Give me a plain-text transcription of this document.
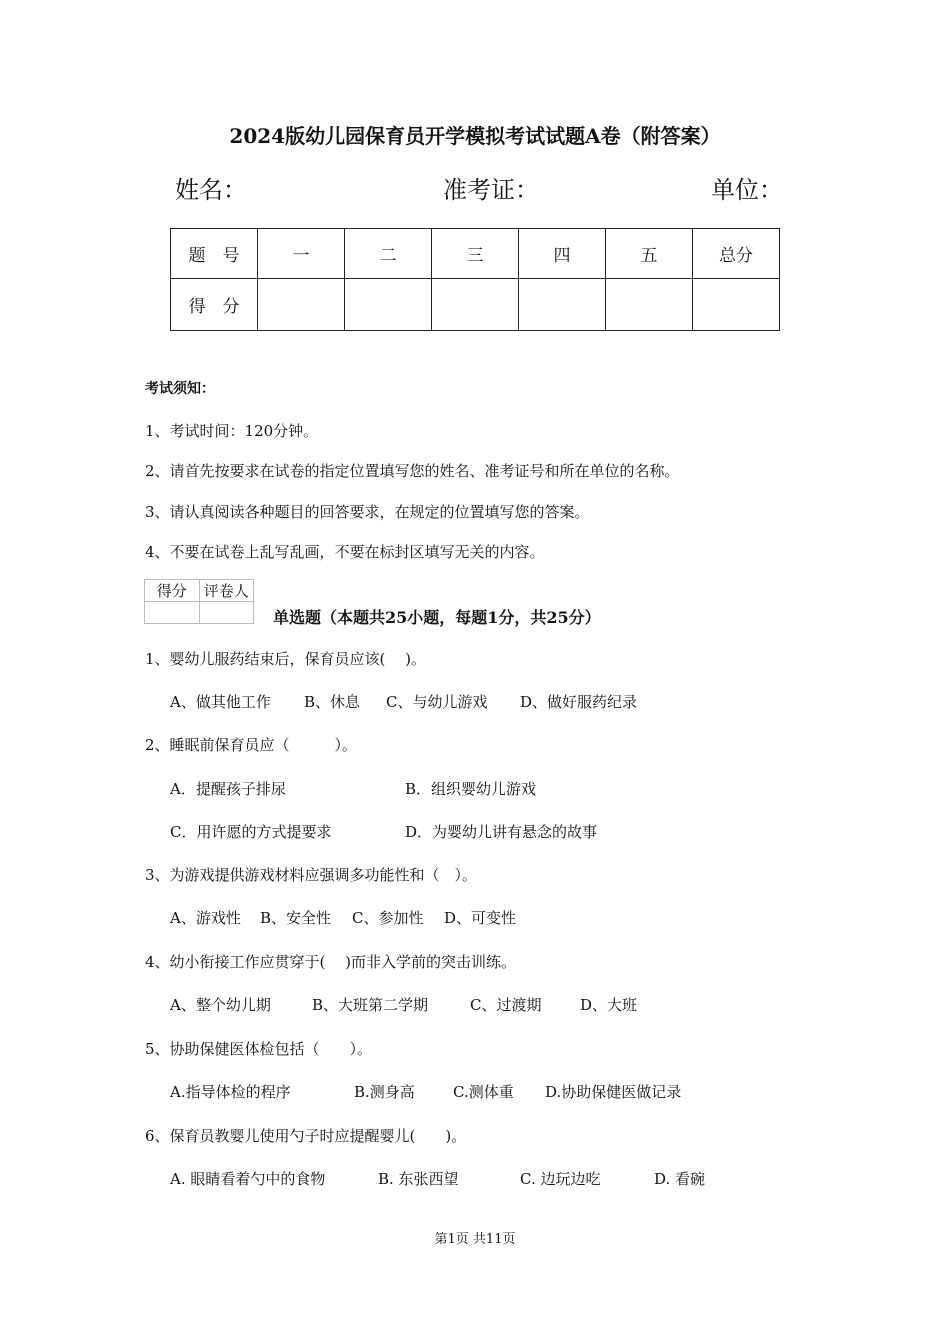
2024版幼儿园保育员开学模拟考试试题A卷（附答案）
姓名：	准考证：	单位：
题　号	一	二	三	四	五	总分
得　分						
考试须知：
1、考试时间：120分钟。
2、请首先按要求在试卷的指定位置填写您的姓名、准考证号和所在单位的名称。
3、请认真阅读各种题目的回答要求，在规定的位置填写您的答案。
4、不要在试卷上乱写乱画，不要在标封区填写无关的内容。
得分	评卷人

单选题（本题共25小题，每题1分，共25分）
1、婴幼儿服药结束后，保育员应该(　 )。
A、做其他工作 B、休息 C、与幼儿游戏 D、做好服药纪录
2、睡眠前保育员应（　　　）。
A．提醒孩子排尿	B．组织婴幼儿游戏
C．用许愿的方式提要求	D．为婴幼儿讲有悬念的故事
3、为游戏提供游戏材料应强调多功能性和（　）。
A、游戏性 B、安全性 C、参加性 D、可变性
4、幼小衔接工作应贯穿于(　 )而非入学前的突击训练。
A、整个幼儿期	B、大班第二学期	C、过渡期	D、大班
5、协助保健医体检包括（　　）。
A.指导体检的程序	B.测身高	C.测体重 D.协助保健医做记录
6、保育员教婴儿使用勺子时应提醒婴儿(　　)。
A. 眼睛看着勺中的食物	B. 东张西望	C. 边玩边吃	D. 看碗
第1页 共11页
